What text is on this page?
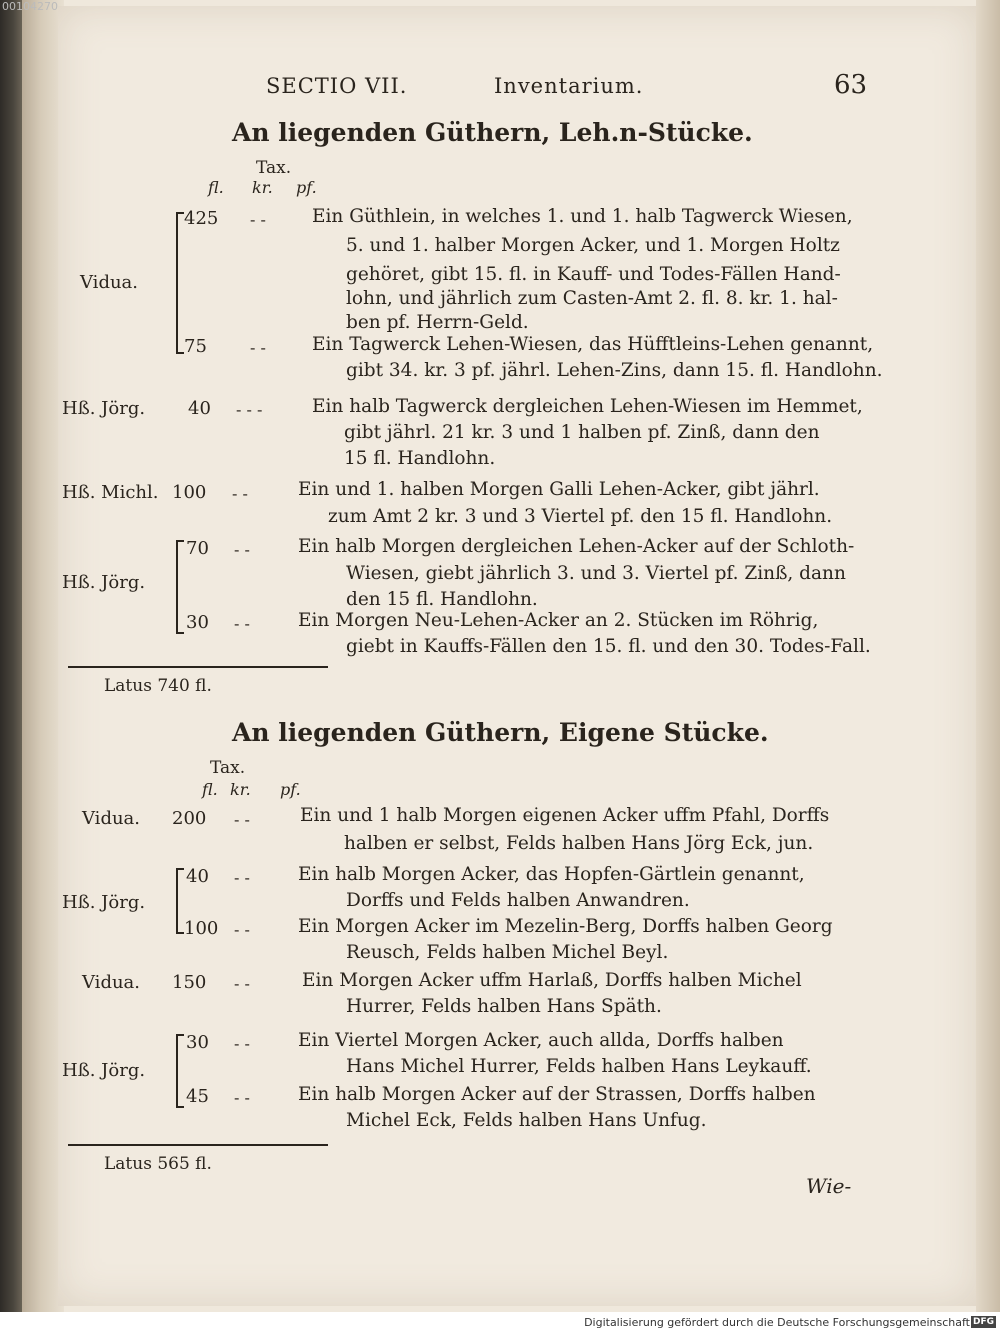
00104270
SECTIO VII.	Inventarium.	63
An liegenden Güthern, Leh.n-Stücke.
Tax.
fl. kr. pf.
Vidua.
425 - - Ein Güthlein, in welches 1. und 1. halb Tagwerck Wiesen,
5. und 1. halber Morgen Acker, und 1. Morgen Holtz
gehöret, gibt 15. fl. in Kauff- und Todes-Fällen Hand-
lohn, und jährlich zum Casten-Amt 2. fl. 8. kr. 1. hal-
ben pf. Herrn-Geld.
75	- - Ein Tagwerck Lehen-Wiesen, das Hüfftleins-Lehen genannt,
gibt 34. kr. 3 pf. jährl. Lehen-Zins, dann 15. fl. Handlohn.
Hß. Jörg. 40 - - -	Ein halb Tagwerck dergleichen Lehen-Wiesen im Hemmet,
gibt jährl. 21 kr. 3 und 1 halben pf. Zinß, dann den
15 fl. Handlohn.
Hß. Michl. 100 - -	Ein und 1. halben Morgen Galli Lehen-Acker, gibt jährl.
zum Amt 2 kr. 3 und 3 Viertel pf. den 15 fl. Handlohn.
Hß. Jörg.
70 - -	Ein halb Morgen dergleichen Lehen-Acker auf der Schloth-
Wiesen, giebt jährlich 3. und 3. Viertel pf. Zinß, dann
den 15 fl. Handlohn.
30 - -	Ein Morgen Neu-Lehen-Acker an 2. Stücken im Röhrig,
giebt in Kauffs-Fällen den 15. fl. und den 30. Todes-Fall.
Latus 740 fl.
An liegenden Güthern, Eigene Stücke.
Tax.
fl. kr. pf.
Vidua. 200 - -	Ein und 1 halb Morgen eigenen Acker uffm Pfahl, Dorffs
halben er selbst, Felds halben Hans Jörg Eck, jun.
Hß. Jörg.
40 - -	Ein halb Morgen Acker, das Hopfen-Gärtlein genannt,
Dorffs und Felds halben Anwandren.
100 - -	Ein Morgen Acker im Mezelin-Berg, Dorffs halben Georg
Reusch, Felds halben Michel Beyl.
Vidua. 150 - -	Ein Morgen Acker uffm Harlaß, Dorffs halben Michel
Hurrer, Felds halben Hans Späth.
Hß. Jörg.
30 - -	Ein Viertel Morgen Acker, auch allda, Dorffs halben
Hans Michel Hurrer, Felds halben Hans Leykauff.
45 - -	Ein halb Morgen Acker auf der Strassen, Dorffs halben
Michel Eck, Felds halben Hans Unfug.
Latus 565 fl.
Wie-
Digitalisierung gefördert durch die Deutsche Forschungsgemeinschaft DFG
